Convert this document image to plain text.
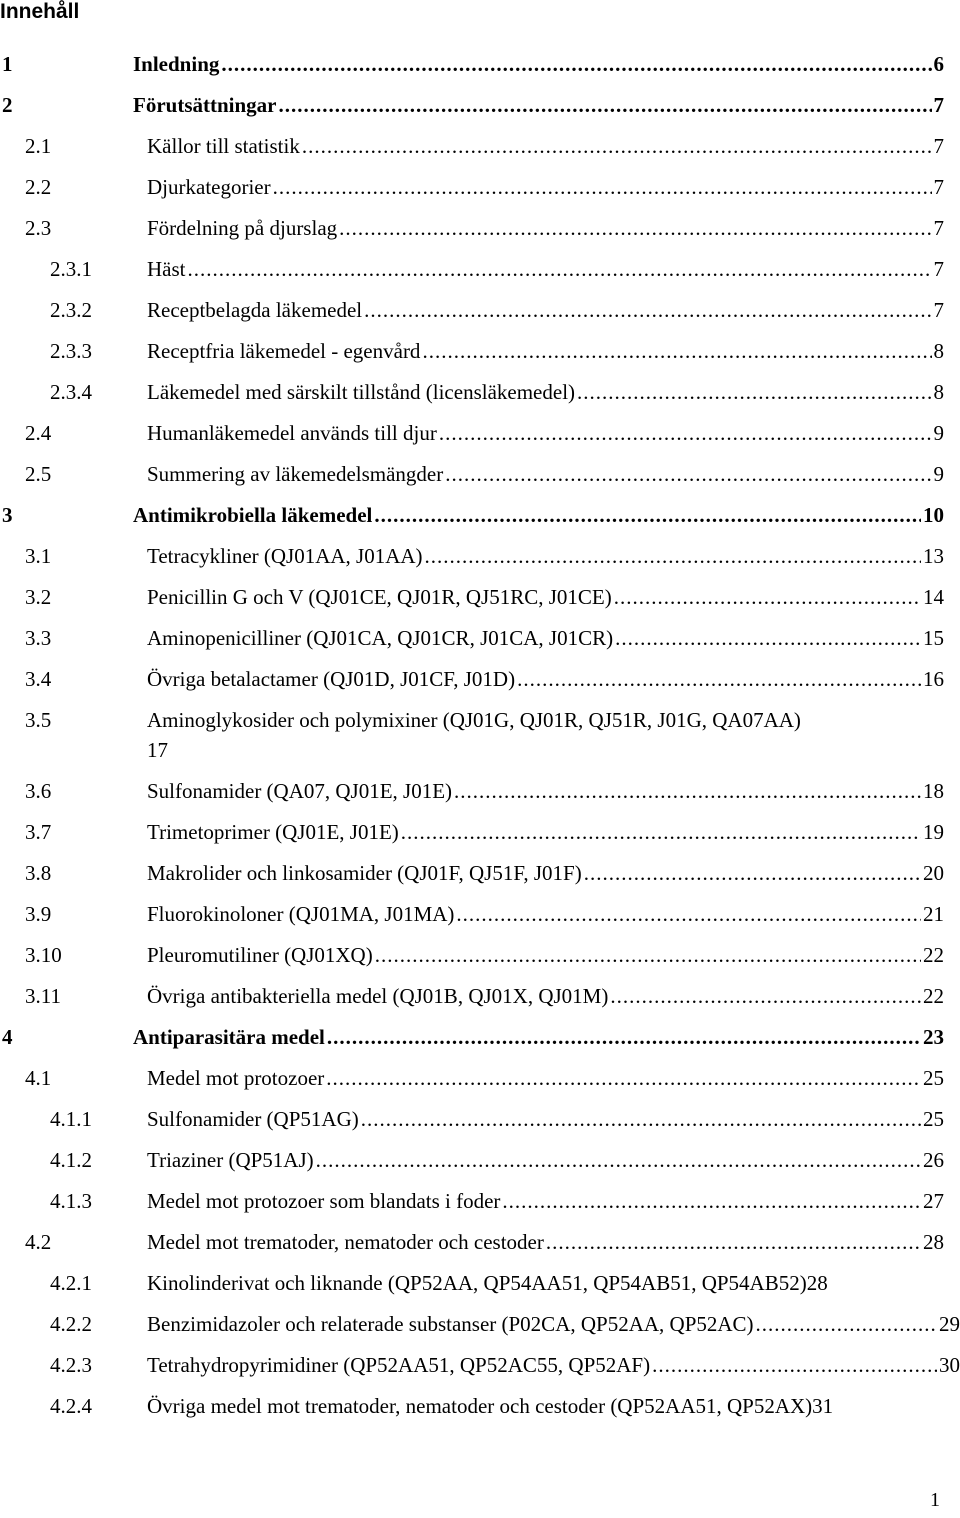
Innehåll
1	Inledning .....	6
2	Förutsättningar .....	7
2.1	Källor till statistik .....	7
2.2	Djurkategorier .....	7
2.3	Fördelning på djurslag .....	7
2.3.1	Häst .....	7
2.3.2	Receptbelagda läkemedel .....	7
2.3.3	Receptfria läkemedel - egenvård .....	8
2.3.4	Läkemedel med särskilt tillstånd (licensläkemedel) .....	8
2.4	Humanläkemedel används till djur .....	9
2.5	Summering av läkemedelsmängder .....	9
3	Antimikrobiella läkemedel .....	10
3.1	Tetracykliner (QJ01AA, J01AA) .....	13
3.2	Penicillin G och V (QJ01CE, QJ01R, QJ51RC, J01CE) .....	14
3.3	Aminopenicilliner (QJ01CA, QJ01CR, J01CA, J01CR) .....	15
3.4	Övriga betalactamer (QJ01D, J01CF, J01D) .....	16
3.5	Aminoglykosider och polymixiner (QJ01G, QJ01R, QJ51R, J01G, QA07AA)
17
3.6	Sulfonamider (QA07, QJ01E, J01E) .....	18
3.7	Trimetoprimer (QJ01E, J01E) .....	19
3.8	Makrolider och linkosamider (QJ01F, QJ51F, J01F) .....	20
3.9	Fluorokinoloner (QJ01MA, J01MA) .....	21
3.10	Pleuromutiliner (QJ01XQ) .....	22
3.11	Övriga antibakteriella medel (QJ01B, QJ01X, QJ01M) .....	22
4	Antiparasitära medel .....	23
4.1	Medel mot protozoer .....	25
4.1.1	Sulfonamider (QP51AG) .....	25
4.1.2	Triaziner (QP51AJ) .....	26
4.1.3	Medel mot protozoer som blandats i foder .....	27
4.2	Medel mot trematoder, nematoder och cestoder .....	28
4.2.1	Kinolinderivat och liknande (QP52AA, QP54AA51, QP54AB51, QP54AB52) 28
4.2.2	Benzimidazoler och relaterade substanser (P02CA, QP52AA, QP52AC) .....	29
4.2.3	Tetrahydropyrimidiner (QP52AA51, QP52AC55, QP52AF) .....	30
4.2.4	Övriga medel mot trematoder, nematoder och cestoder (QP52AA51, QP52AX) 31
1
